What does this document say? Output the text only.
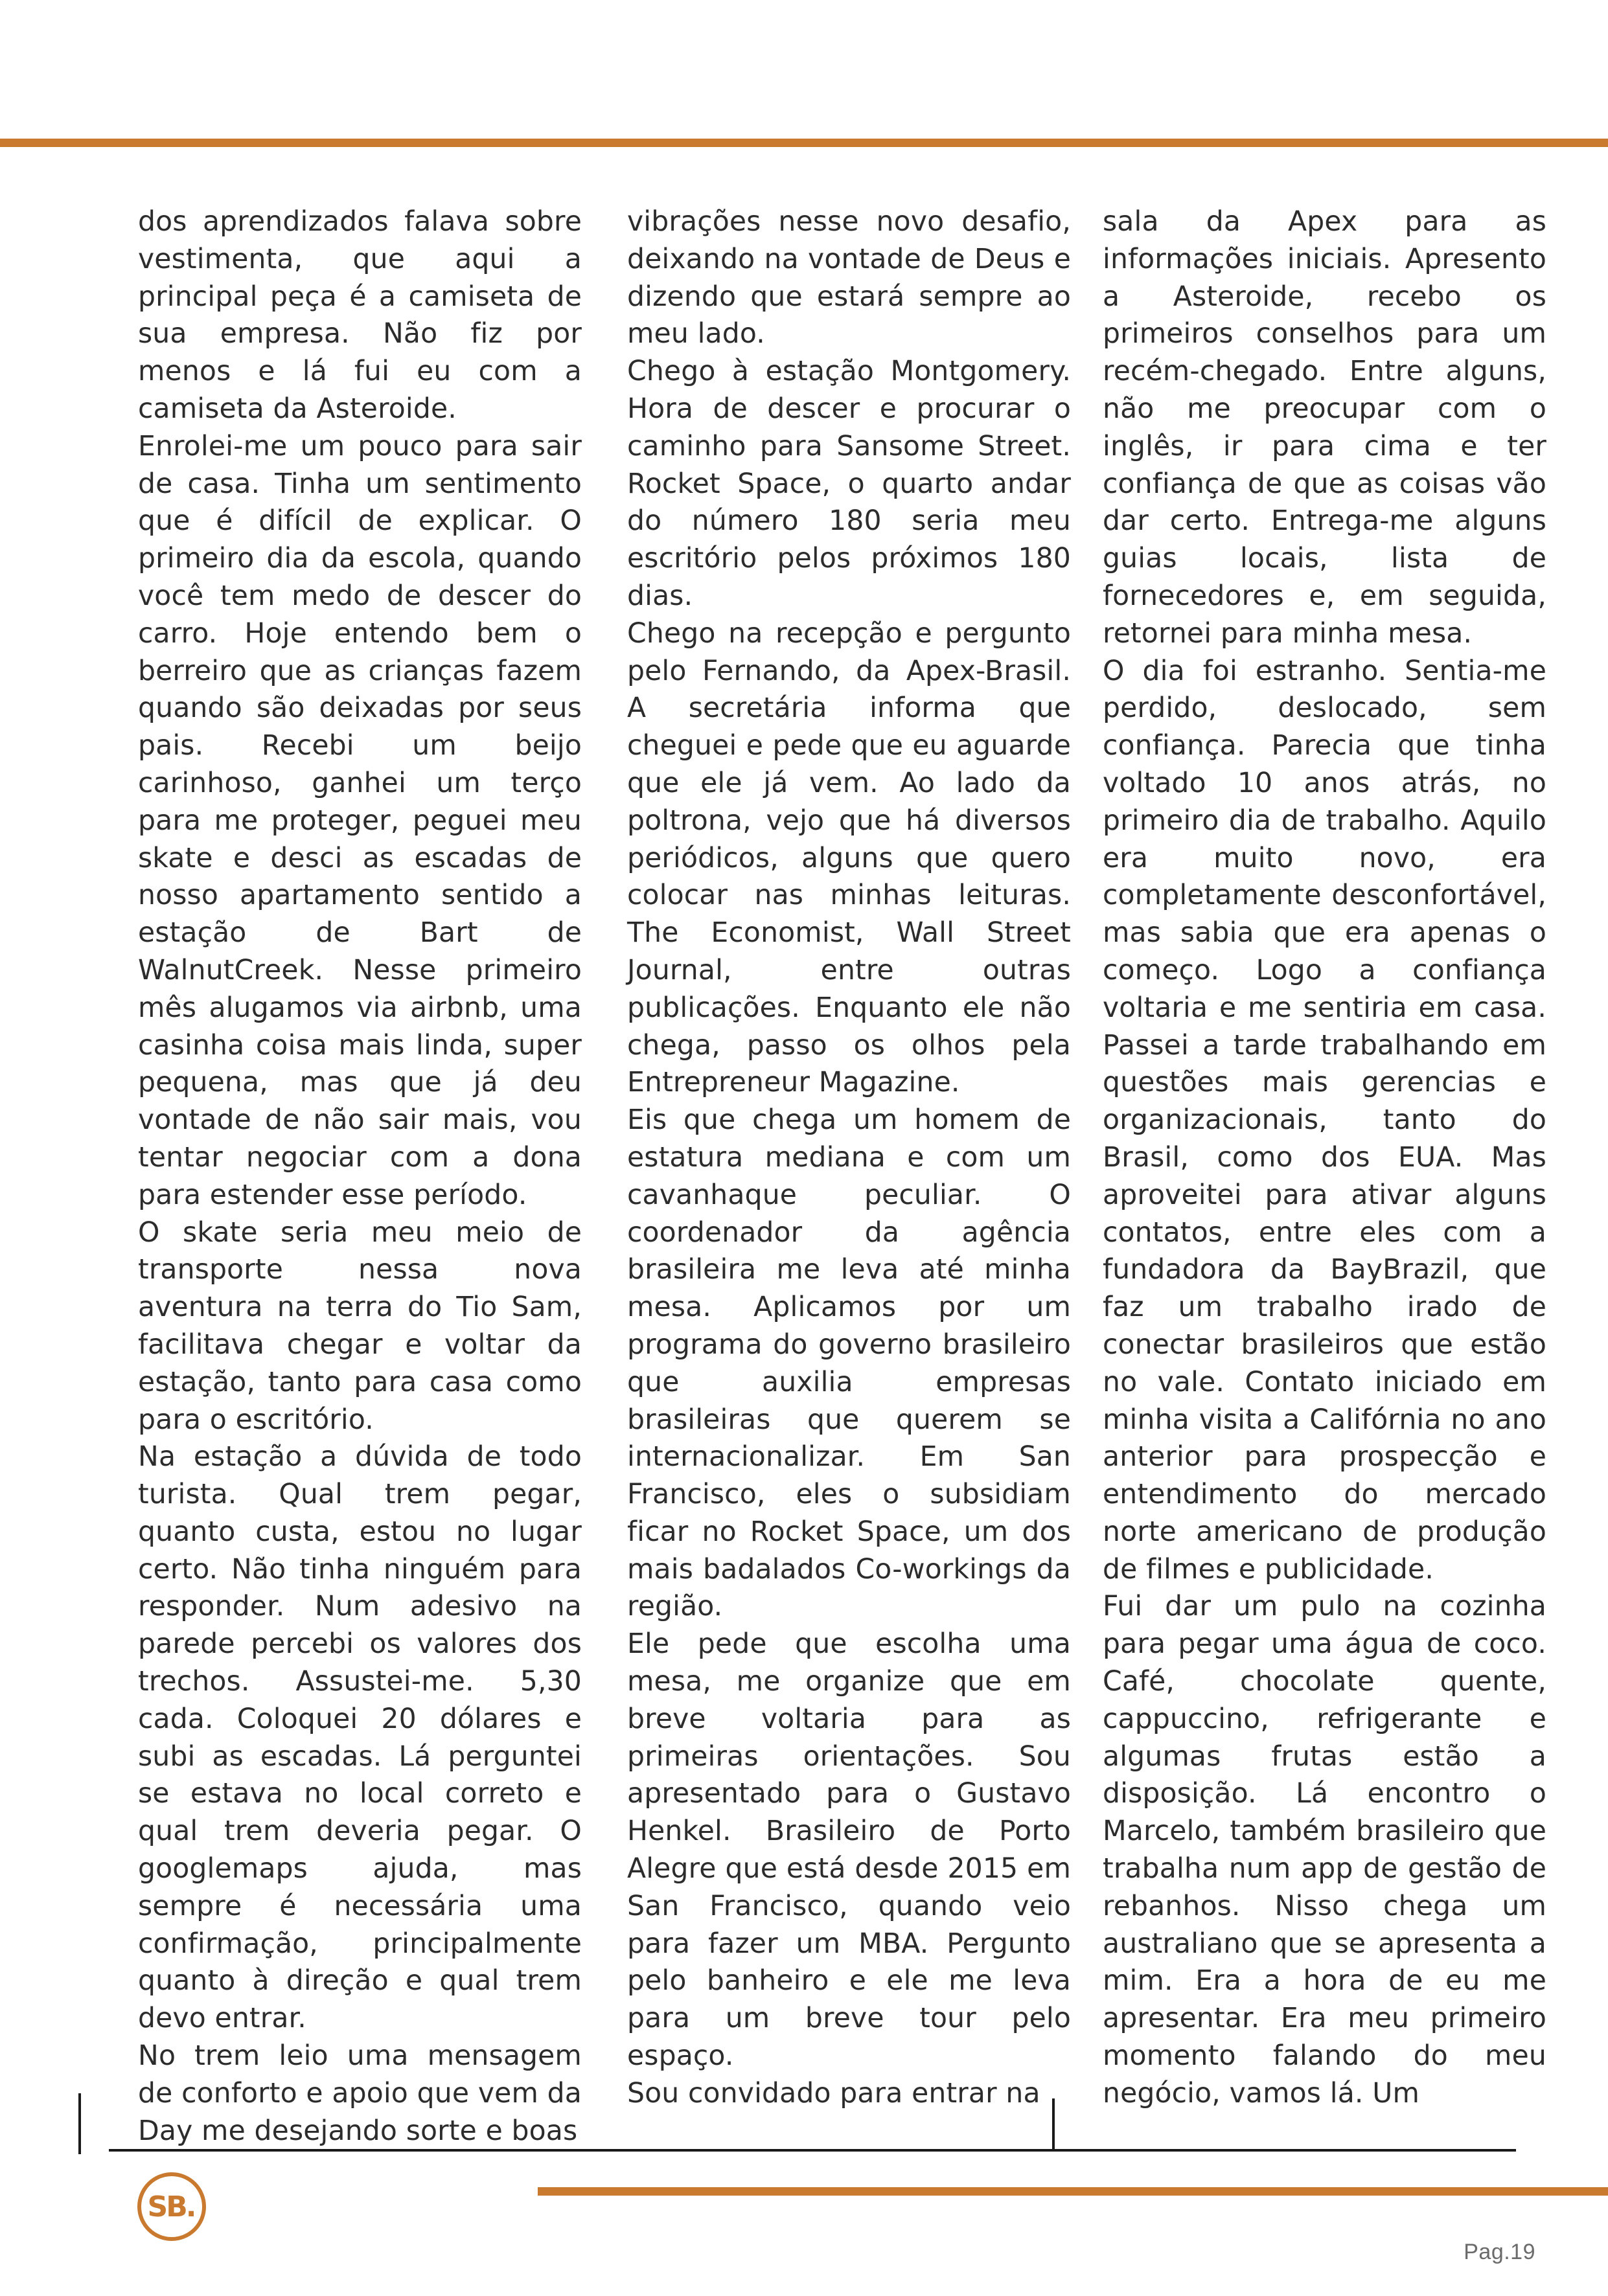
dos aprendizados falava sobre vestimenta, que aqui a principal peça é a camiseta de sua empresa. Não fiz por menos e lá fui eu com a camiseta da Asteroide.

Enrolei-me um pouco para sair de casa. Tinha um sentimento que é difícil de explicar. O primeiro dia da escola, quando você tem medo de descer do carro. Hoje entendo bem o berreiro que as crianças fazem quando são deixadas por seus pais. Recebi um beijo carinhoso, ganhei um terço para me proteger, peguei meu skate e desci as escadas de nosso apartamento sentido a estação de Bart de WalnutCreek. Nesse primeiro mês alugamos via airbnb, uma casinha coisa mais linda, super pequena, mas que já deu vontade de não sair mais, vou tentar negociar com a dona para estender esse período.

O skate seria meu meio de transporte nessa nova aventura na terra do Tio Sam, facilitava chegar e voltar da estação, tanto para casa como para o escritório.

Na estação a dúvida de todo turista. Qual trem pegar, quanto custa, estou no lugar certo. Não tinha ninguém para responder. Num adesivo na parede percebi os valores dos trechos. Assustei-me. 5,30 cada. Coloquei 20 dólares e subi as escadas. Lá perguntei se estava no local correto e qual trem deveria pegar. O googlemaps ajuda, mas sempre é necessária uma confirmação, principalmente quanto à direção e qual trem devo entrar.

No trem leio uma mensagem de conforto e apoio que vem da Day me desejando sorte e boas

vibrações nesse novo desafio, deixando na vontade de Deus e dizendo que estará sempre ao meu lado.

Chego à estação Montgomery. Hora de descer e procurar o caminho para Sansome Street. Rocket Space, o quarto andar do número 180 seria meu escritório pelos próximos 180 dias.

Chego na recepção e pergunto pelo Fernando, da Apex-Brasil. A secretária informa que cheguei e pede que eu aguarde que ele já vem. Ao lado da poltrona, vejo que há diversos periódicos, alguns que quero colocar nas minhas leituras. The Economist, Wall Street Journal, entre outras publicações. Enquanto ele não chega, passo os olhos pela Entrepreneur Magazine.

Eis que chega um homem de estatura mediana e com um cavanhaque peculiar. O coordenador da agência brasileira me leva até minha mesa. Aplicamos por um programa do governo brasileiro que auxilia empresas brasileiras que querem se internacionalizar. Em San Francisco, eles o subsidiam ficar no Rocket Space, um dos mais badalados Co-workings da região.

Ele pede que escolha uma mesa, me organize que em breve voltaria para as primeiras orientações. Sou apresentado para o Gustavo Henkel. Brasileiro de Porto Alegre que está desde 2015 em San Francisco, quando veio para fazer um MBA. Pergunto pelo banheiro e ele me leva para um breve tour pelo espaço.

Sou convidado para entrar na

sala da Apex para as informações iniciais. Apresento a Asteroide, recebo os primeiros conselhos para um recém-chegado. Entre alguns, não me preocupar com o inglês, ir para cima e ter confiança de que as coisas vão dar certo. Entrega-me alguns guias locais, lista de fornecedores e, em seguida, retornei para minha mesa.

O dia foi estranho. Sentia-me perdido, deslocado, sem confiança. Parecia que tinha voltado 10 anos atrás, no primeiro dia de trabalho. Aquilo era muito novo, era completamente desconfortável, mas sabia que era apenas o começo. Logo a confiança voltaria e me sentiria em casa. Passei a tarde trabalhando em questões mais gerencias e organizacionais, tanto do Brasil, como dos EUA. Mas aproveitei para ativar alguns contatos, entre eles com a fundadora da BayBrazil, que faz um trabalho irado de conectar brasileiros que estão no vale. Contato iniciado em minha visita a Califórnia no ano anterior para prospecção e entendimento do mercado norte americano de produção de filmes e publicidade.

Fui dar um pulo na cozinha para pegar uma água de coco. Café, chocolate quente, cappuccino, refrigerante e algumas frutas estão a disposição. Lá encontro o Marcelo, também brasileiro que trabalha num app de gestão de rebanhos. Nisso chega um australiano que se apresenta a mim. Era a hora de eu me apresentar. Era meu primeiro momento falando do meu negócio, vamos lá. Um

SB.
Pag.19
